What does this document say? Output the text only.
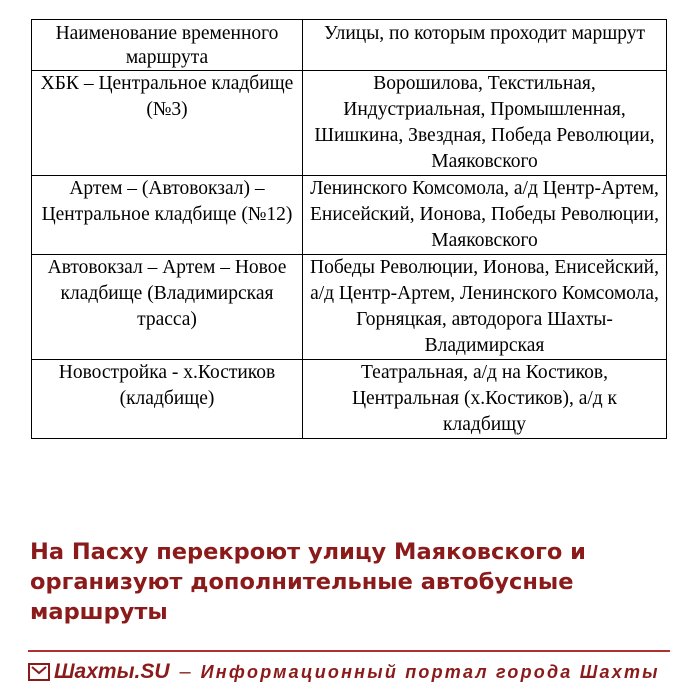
Наименование временного маршрута	Улицы, по которым проходит маршрут
ХБК – Центральное кладбище (№3)	Ворошилова, Текстильная, Индустриальная, Промышленная, Шишкина, Звездная, Победа Революции, Маяковского
Артем – (Автовокзал) – Центральное кладбище (№12)	Ленинского Комсомола, а/д Центр-Артем, Енисейский, Ионова, Победы Революции, Маяковского
Автовокзал – Артем – Новое кладбище (Владимирская трасса)	Победы Революции, Ионова, Енисейский, а/д Центр-Артем, Ленинского Комсомола, Горняцкая, автодорога Шахты-Владимирская
Новостройка - х.Костиков (кладбище)	Театральная, а/д на Костиков, Центральная (х.Костиков), а/д к кладбищу
На Пасху перекроют улицу Маяковского и организуют дополнительные автобусные маршруты
Шахты.SU – Информационный портал города Шахты
